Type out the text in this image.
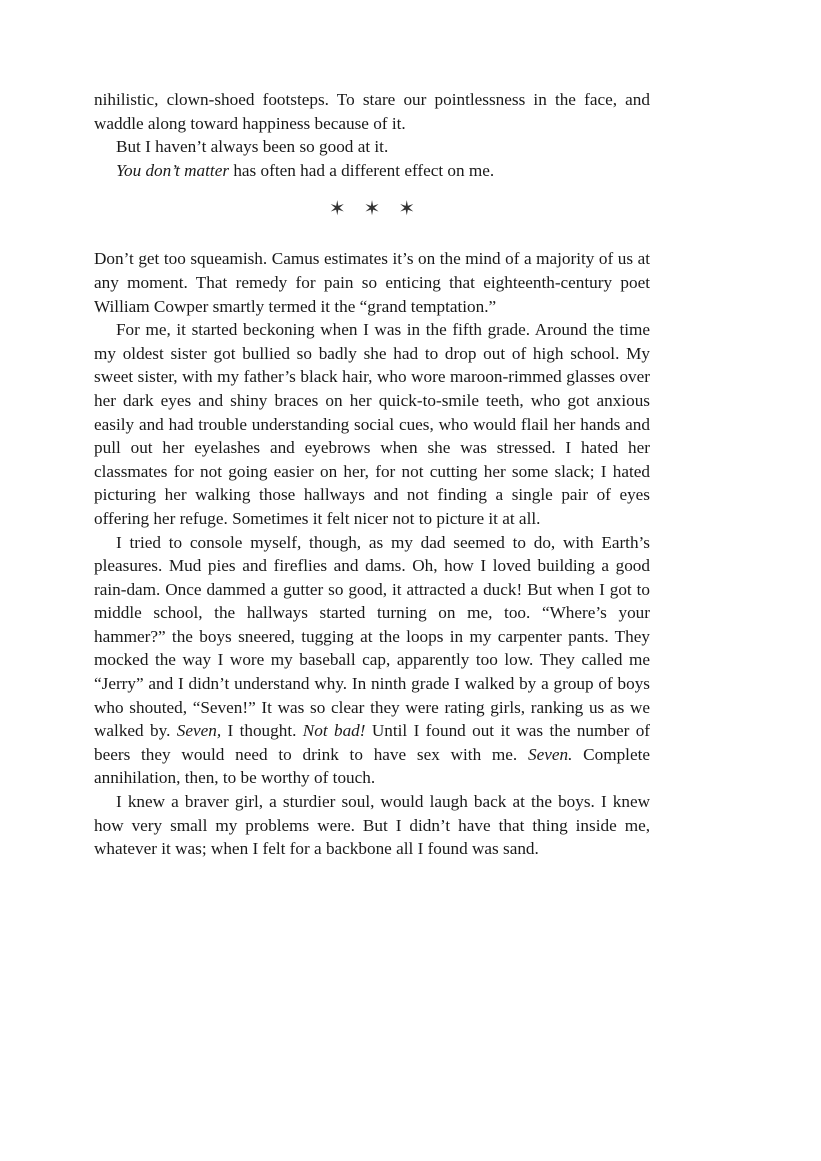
nihilistic, clown-shoed footsteps. To stare our pointlessness in the face, and waddle along toward happiness because of it.

But I haven’t always been so good at it.

You don’t matter has often had a different effect on me.

✶ ✶ ✶

Don’t get too squeamish. Camus estimates it’s on the mind of a majority of us at any moment. That remedy for pain so enticing that eighteenth-century poet William Cowper smartly termed it the “grand temptation.”

For me, it started beckoning when I was in the fifth grade. Around the time my oldest sister got bullied so badly she had to drop out of high school. My sweet sister, with my father’s black hair, who wore maroon-rimmed glasses over her dark eyes and shiny braces on her quick-to-smile teeth, who got anxious easily and had trouble understanding social cues, who would flail her hands and pull out her eyelashes and eyebrows when she was stressed. I hated her classmates for not going easier on her, for not cutting her some slack; I hated picturing her walking those hallways and not finding a single pair of eyes offering her refuge. Sometimes it felt nicer not to picture it at all.

I tried to console myself, though, as my dad seemed to do, with Earth’s pleasures. Mud pies and fireflies and dams. Oh, how I loved building a good rain-dam. Once dammed a gutter so good, it attracted a duck! But when I got to middle school, the hallways started turning on me, too. “Where’s your hammer?” the boys sneered, tugging at the loops in my carpenter pants. They mocked the way I wore my baseball cap, apparently too low. They called me “Jerry” and I didn’t understand why. In ninth grade I walked by a group of boys who shouted, “Seven!” It was so clear they were rating girls, ranking us as we walked by. Seven, I thought. Not bad! Until I found out it was the number of beers they would need to drink to have sex with me. Seven. Complete annihilation, then, to be worthy of touch.

I knew a braver girl, a sturdier soul, would laugh back at the boys. I knew how very small my problems were. But I didn’t have that thing inside me, whatever it was; when I felt for a backbone all I found was sand.
